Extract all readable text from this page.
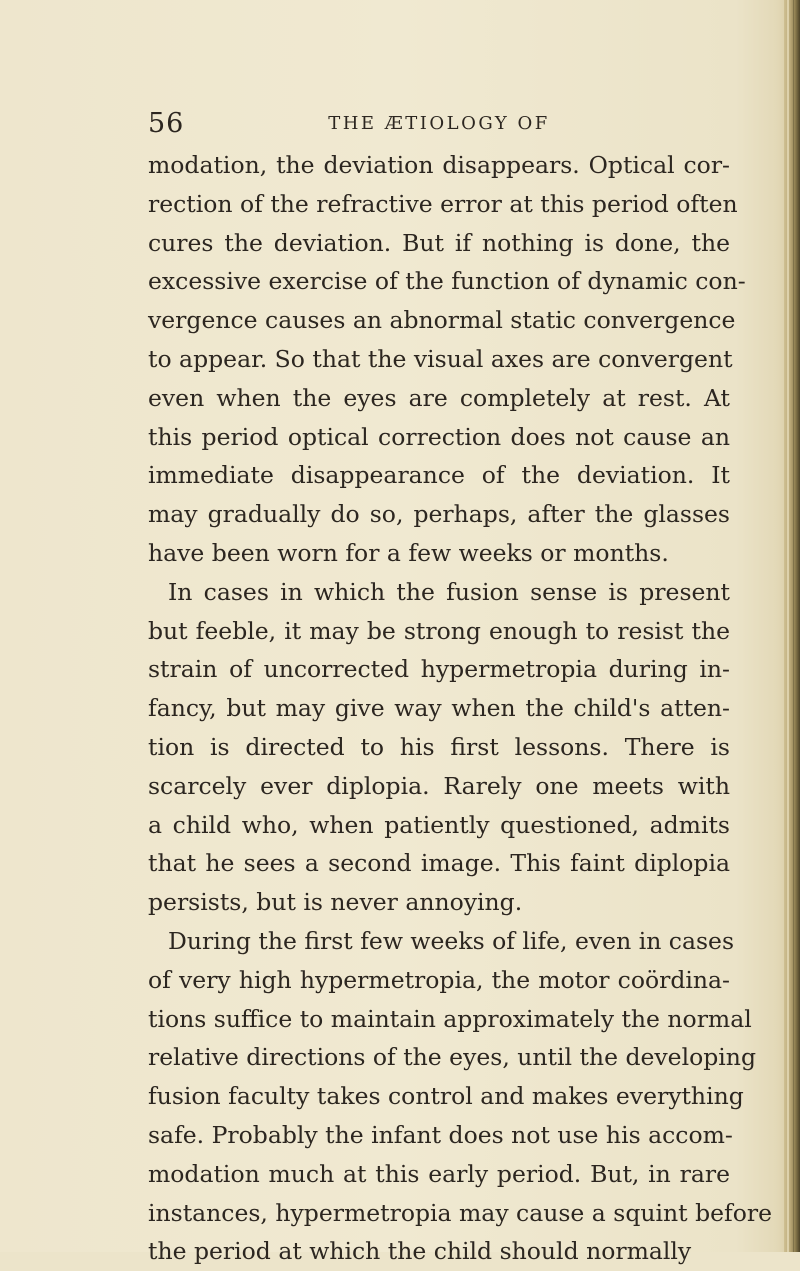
56	THE ÆTIOLOGY OF
modation, the deviation disappears. Optical cor-
rection of the refractive error at this period often
cures the deviation. But if nothing is done, the
excessive exercise of the function of dynamic con-
vergence causes an abnormal static convergence
to appear. So that the visual axes are convergent
even when the eyes are completely at rest. At
this period optical correction does not cause an
immediate disappearance of the deviation. It
may gradually do so, perhaps, after the glasses
have been worn for a few weeks or months.
In cases in which the fusion sense is present
but feeble, it may be strong enough to resist the
strain of uncorrected hypermetropia during in-
fancy, but may give way when the child's atten-
tion is directed to his first lessons. There is
scarcely ever diplopia. Rarely one meets with
a child who, when patiently questioned, admits
that he sees a second image. This faint diplopia
persists, but is never annoying.
During the first few weeks of life, even in cases
of very high hypermetropia, the motor coördina-
tions suffice to maintain approximately the normal
relative directions of the eyes, until the developing
fusion faculty takes control and makes everything
safe. Probably the infant does not use his accom-
modation much at this early period. But, in rare
instances, hypermetropia may cause a squint before
the period at which the child should normally
